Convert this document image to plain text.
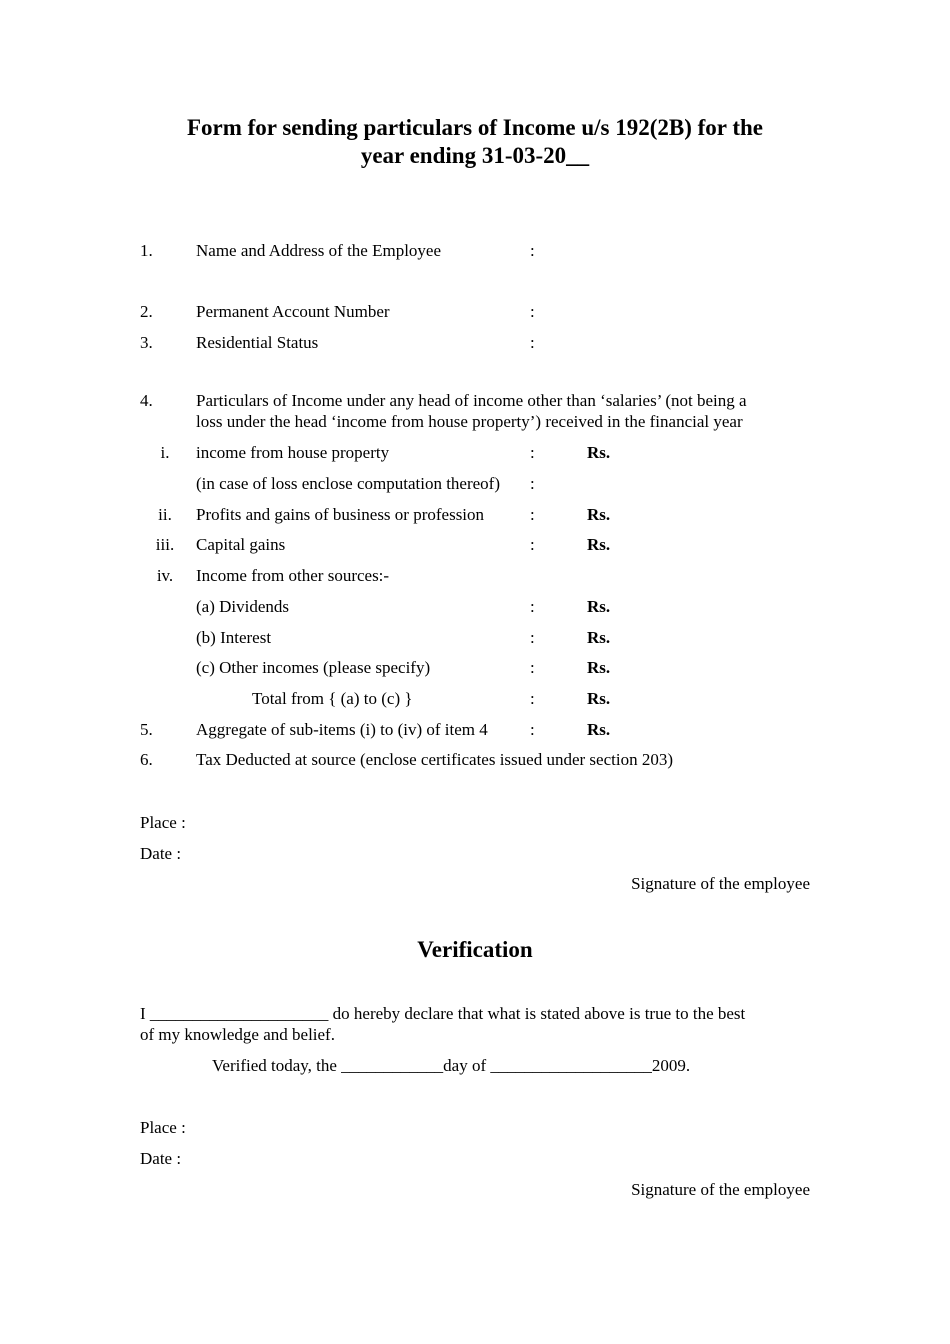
Form for sending particulars of Income u/s 192(2B) for the
year ending 31-03-20__
1.	Name and Address of the Employee	:
2.	Permanent Account Number	:
3.	Residential Status	:
4.	Particulars of Income under any head of income other than ‘salaries’ (not being a
loss under the head ‘income from house property’) received in the financial year
i.	income from house property	:	Rs.
(in case of loss enclose computation thereof) :
ii.	Profits and gains of business or profession	:	Rs.
iii.	Capital gains	:	Rs.
iv.	Income from other sources:-
(a) Dividends	:	Rs.
(b) Interest	:	Rs.
(c) Other incomes (please specify)	:	Rs.
Total from { (a) to (c) }	:	Rs.
5.	Aggregate of sub-items (i) to (iv) of item 4 :	Rs.
6.	Tax Deducted at source (enclose certificates issued under section 203)
Place :
Date :
Signature of the employee
Verification
I _____________________ do hereby declare that what is stated above is true to the best
of my knowledge and belief.
Verified today, the ____________day of ___________________2009.
Place :
Date :
Signature of the employee
